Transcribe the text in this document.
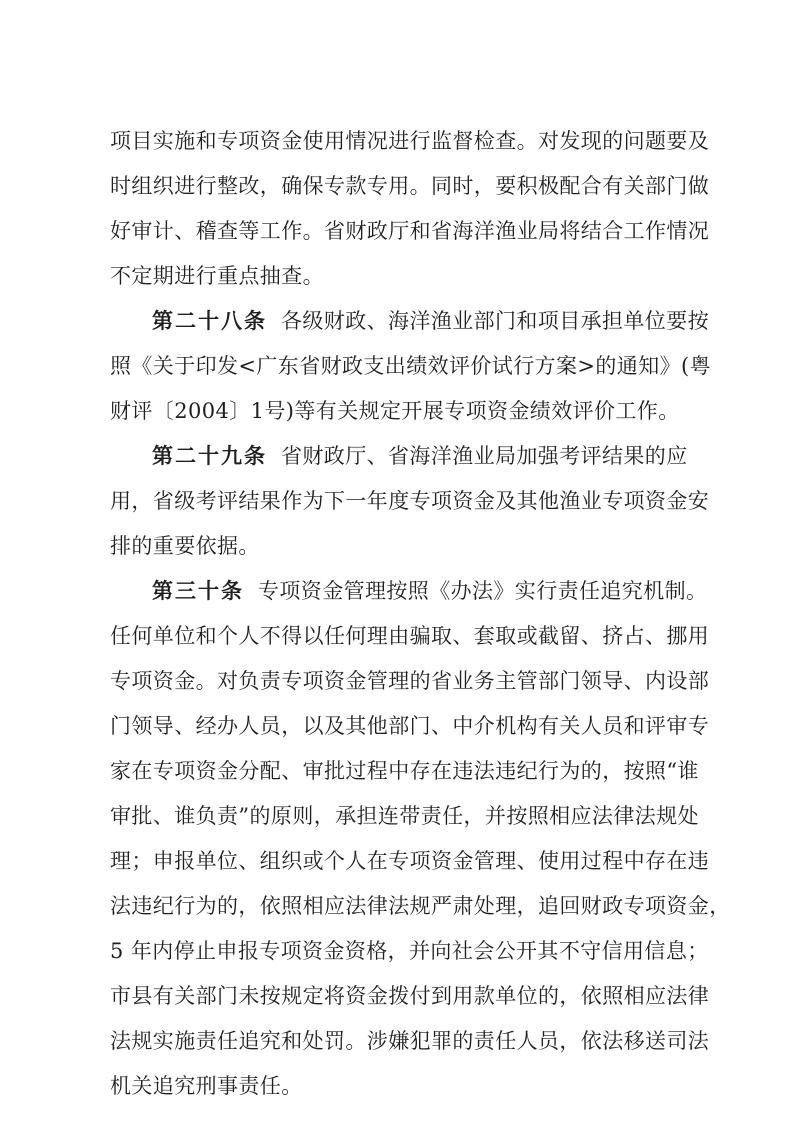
项目实施和专项资金使用情况进行监督检查。对发现的问题要及
时组织进行整改，确保专款专用。同时，要积极配合有关部门做
好审计、稽查等工作。省财政厅和省海洋渔业局将结合工作情况
不定期进行重点抽查。
第二十八条 各级财政、海洋渔业部门和项目承担单位要按
照《关于印发<广东省财政支出绩效评价试行方案>的通知》(粤
财评〔2004〕1号)等有关规定开展专项资金绩效评价工作。
第二十九条 省财政厅、省海洋渔业局加强考评结果的应
用，省级考评结果作为下一年度专项资金及其他渔业专项资金安
排的重要依据。
第三十条 专项资金管理按照《办法》实行责任追究机制。
任何单位和个人不得以任何理由骗取、套取或截留、挤占、挪用
专项资金。对负责专项资金管理的省业务主管部门领导、内设部
门领导、经办人员，以及其他部门、中介机构有关人员和评审专
家在专项资金分配、审批过程中存在违法违纪行为的，按照“谁
审批、谁负责”的原则，承担连带责任，并按照相应法律法规处
理；申报单位、组织或个人在专项资金管理、使用过程中存在违
法违纪行为的，依照相应法律法规严肃处理，追回财政专项资金，
5 年内停止申报专项资金资格，并向社会公开其不守信用信息；
市县有关部门未按规定将资金拨付到用款单位的，依照相应法律
法规实施责任追究和处罚。涉嫌犯罪的责任人员，依法移送司法
机关追究刑事责任。
